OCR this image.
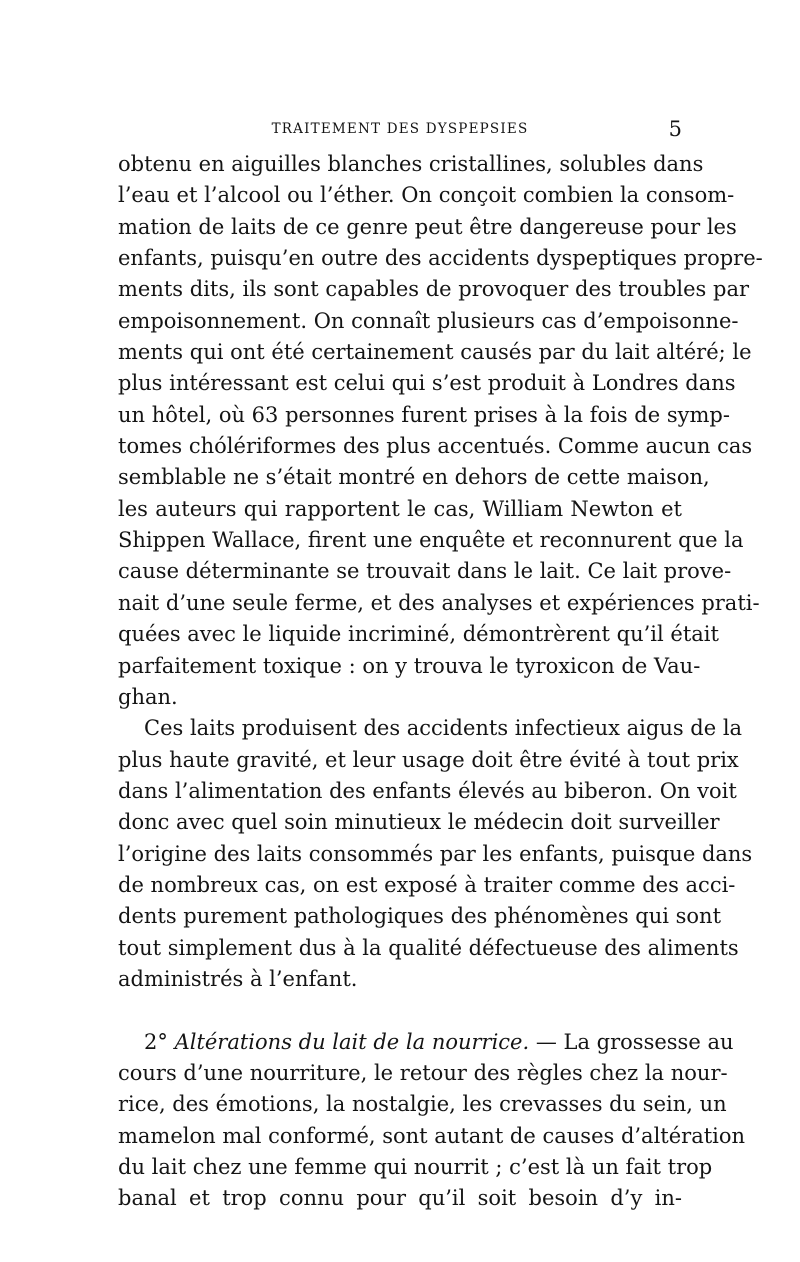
TRAITEMENT DES DYSPEPSIES	5
obtenu en aiguilles blanches cristallines, solubles dans
l’eau et l’alcool ou l’éther. On conçoit combien la consom-
mation de laits de ce genre peut être dangereuse pour les
enfants, puisqu’en outre des accidents dyspeptiques propre-
ments dits, ils sont capables de provoquer des troubles par
empoisonnement. On connaît plusieurs cas d’empoisonne-
ments qui ont été certainement causés par du lait altéré; le
plus intéressant est celui qui s’est produit à Londres dans
un hôtel, où 63 personnes furent prises à la fois de symp-
tomes chólériformes des plus accentués. Comme aucun cas
semblable ne s’était montré en dehors de cette maison,
les auteurs qui rapportent le cas, William Newton et
Shippen Wallace, firent une enquête et reconnurent que la
cause déterminante se trouvait dans le lait. Ce lait prove-
nait d’une seule ferme, et des analyses et expériences prati-
quées avec le liquide incriminé, démontrèrent qu’il était
parfaitement toxique : on y trouva le tyroxicon de Vau-
ghan.
Ces laits produisent des accidents infectieux aigus de la
plus haute gravité, et leur usage doit être évité à tout prix
dans l’alimentation des enfants élevés au biberon. On voit
donc avec quel soin minutieux le médecin doit surveiller
l’origine des laits consommés par les enfants, puisque dans
de nombreux cas, on est exposé à traiter comme des acci-
dents purement pathologiques des phénomènes qui sont
tout simplement dus à la qualité défectueuse des aliments
administrés à l’enfant.
2° Altérations du lait de la nourrice. — La grossesse au
cours d’une nourriture, le retour des règles chez la nour-
rice, des émotions, la nostalgie, les crevasses du sein, un
mamelon mal conformé, sont autant de causes d’altération
du lait chez une femme qui nourrit ; c’est là un fait trop
banal et trop connu pour qu’il soit besoin d’y in-
